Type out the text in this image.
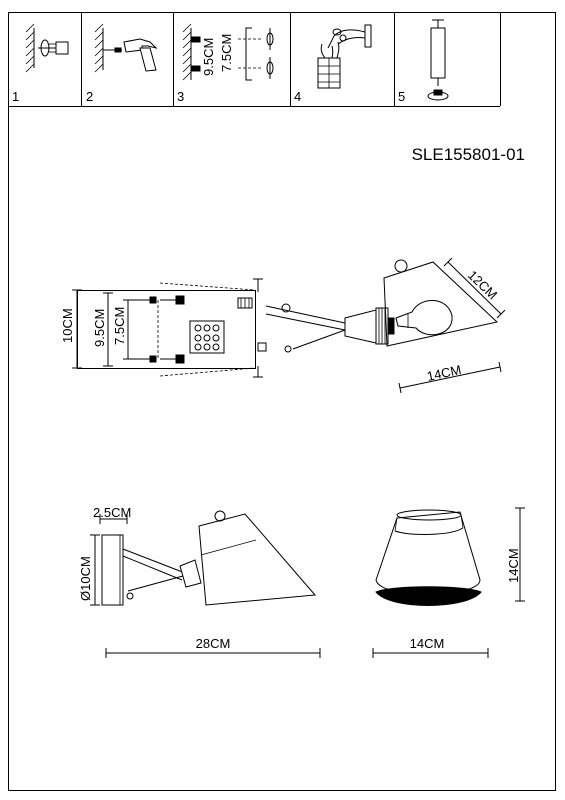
1	2	3	4	5
9.5CM 7.5CM
SLE155801-01
10CM 9.5CM 7.5CM
12CM
14CM
2.5CM
Ø10CM
28CM
14CM
14CM
